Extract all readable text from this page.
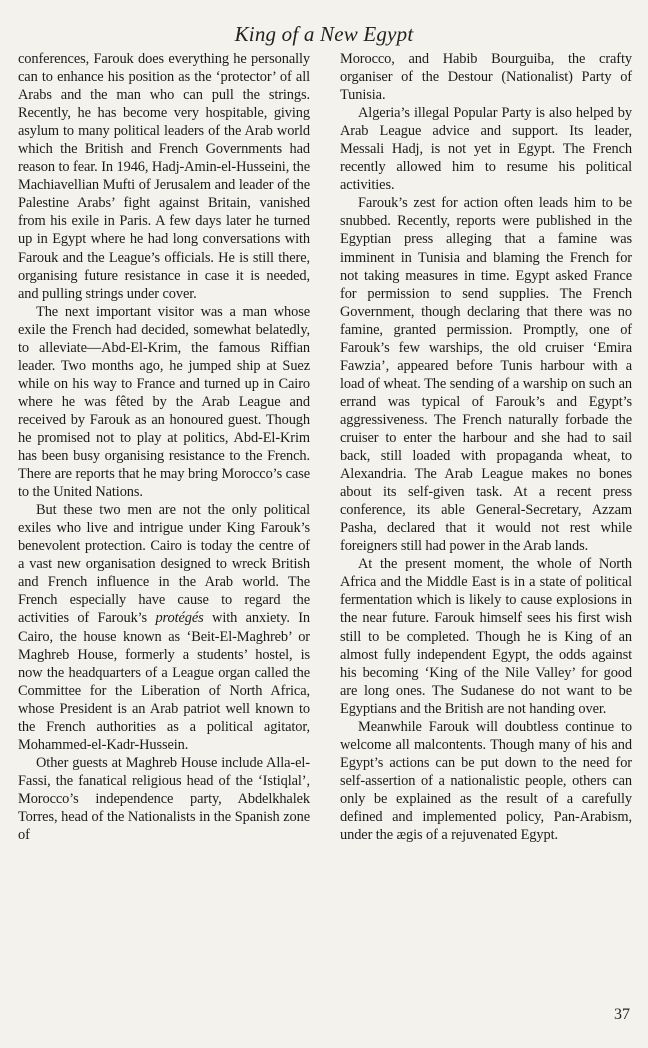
King of a New Egypt

conferences, Farouk does everything he personally can to enhance his position as the ‘protector’ of all Arabs and the man who can pull the strings. Recently, he has become very hospitable, giving asylum to many political leaders of the Arab world which the British and French Governments had reason to fear. In 1946, Hadj-Amin-el-Husseini, the Machiavellian Mufti of Jerusalem and leader of the Palestine Arabs’ fight against Britain, vanished from his exile in Paris. A few days later he turned up in Egypt where he had long conversations with Farouk and the League’s officials. He is still there, organising future resistance in case it is needed, and pulling strings under cover.

The next important visitor was a man whose exile the French had decided, somewhat belatedly, to alleviate—Abd-El-Krim, the famous Riffian leader. Two months ago, he jumped ship at Suez while on his way to France and turned up in Cairo where he was fêted by the Arab League and received by Farouk as an honoured guest. Though he promised not to play at politics, Abd-El-Krim has been busy organising resistance to the French. There are reports that he may bring Morocco’s case to the United Nations.

But these two men are not the only political exiles who live and intrigue under King Farouk’s benevolent protection. Cairo is today the centre of a vast new organisation designed to wreck British and French influence in the Arab world. The French especially have cause to regard the activities of Farouk’s protégés with anxiety. In Cairo, the house known as ‘Beit-El-Maghreb’ or Maghreb House, formerly a students’ hostel, is now the headquarters of a League organ called the Committee for the Liberation of North Africa, whose President is an Arab patriot well known to the French authorities as a political agitator, Mohammed-el-Kadr-Hussein.

Other guests at Maghreb House include Alla-el-Fassi, the fanatical religious head of the ‘Istiqlal’, Morocco’s independence party, Abdelkhalek Torres, head of the Nationalists in the Spanish zone of

Morocco, and Habib Bourguiba, the crafty organiser of the Destour (Nationalist) Party of Tunisia.

Algeria’s illegal Popular Party is also helped by Arab League advice and support. Its leader, Messali Hadj, is not yet in Egypt. The French recently allowed him to resume his political activities.

Farouk’s zest for action often leads him to be snubbed. Recently, reports were published in the Egyptian press alleging that a famine was imminent in Tunisia and blaming the French for not taking measures in time. Egypt asked France for permission to send supplies. The French Government, though declaring that there was no famine, granted permission. Promptly, one of Farouk’s few warships, the old cruiser ‘Emira Fawzia’, appeared before Tunis harbour with a load of wheat. The sending of a warship on such an errand was typical of Farouk’s and Egypt’s aggressiveness. The French naturally forbade the cruiser to enter the harbour and she had to sail back, still loaded with propaganda wheat, to Alexandria. The Arab League makes no bones about its self-given task. At a recent press conference, its able General-Secretary, Azzam Pasha, declared that it would not rest while foreigners still had power in the Arab lands.

At the present moment, the whole of North Africa and the Middle East is in a state of political fermentation which is likely to cause explosions in the near future. Farouk himself sees his first wish still to be completed. Though he is King of an almost fully independent Egypt, the odds against his becoming ‘King of the Nile Valley’ for good are long ones. The Sudanese do not want to be Egyptians and the British are not handing over.

Meanwhile Farouk will doubtless continue to welcome all malcontents. Though many of his and Egypt’s actions can be put down to the need for self-assertion of a nationalistic people, others can only be explained as the result of a carefully defined and implemented policy, Pan-Arabism, under the ægis of a rejuvenated Egypt.

37
